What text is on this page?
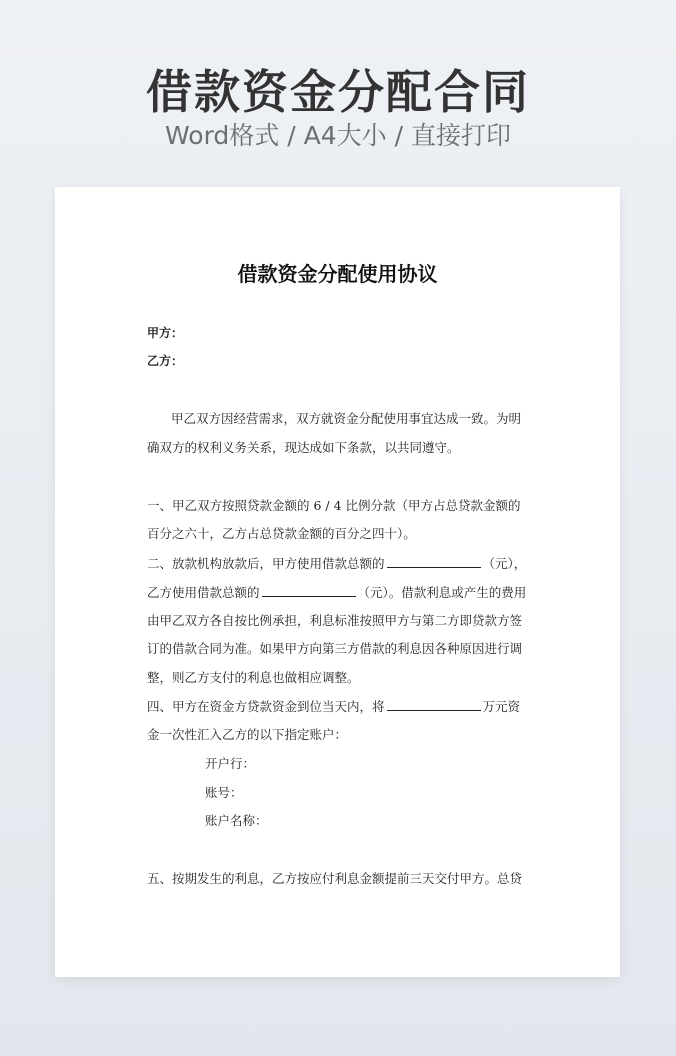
借款资金分配合同
Word格式 / A4大小 / 直接打印
借款资金分配使用协议
甲方：
乙方：
甲乙双方因经营需求，双方就资金分配使用事宜达成一致。为明
确双方的权利义务关系，现达成如下条款，以共同遵守。
一、甲乙双方按照贷款金额的 6 / 4 比例分款（甲方占总贷款金额的
百分之六十，乙方占总贷款金额的百分之四十）。
二、放款机构放款后，甲方使用借款总额的	（元），
乙方使用借款总额的	（元）。借款利息或产生的费用
由甲乙双方各自按比例承担，利息标准按照甲方与第二方即贷款方签
订的借款合同为准。如果甲方向第三方借款的利息因各种原因进行调
整，则乙方支付的利息也做相应调整。
四、甲方在资金方贷款资金到位当天内，将	万元资
金一次性汇入乙方的以下指定账户：
开户行：
账号：
账户名称：
五、按期发生的利息，乙方按应付利息金额提前三天交付甲方。总贷
